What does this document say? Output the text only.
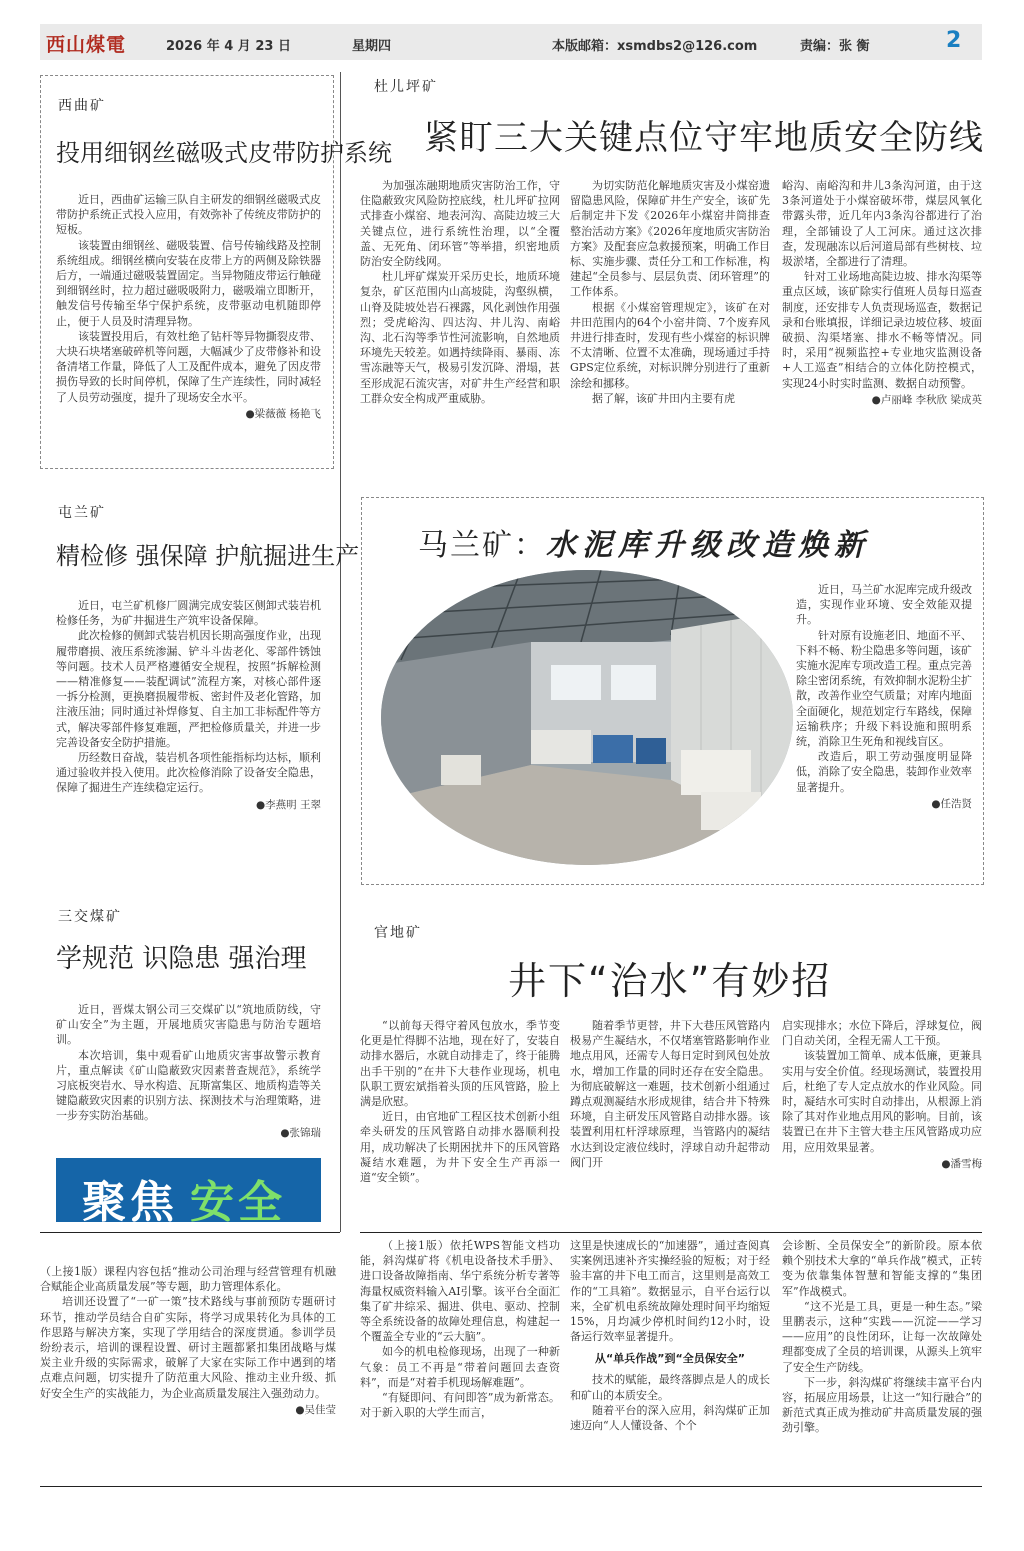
西山煤電	2026 年 4 月 23 日	星期四	本版邮箱：xsmdbs2@126.com	责编：张 衡	2
西曲矿
投用细钢丝磁吸式皮带防护系统

近日，西曲矿运输三队自主研发的细钢丝磁吸式皮带防护系统正式投入应用，有效弥补了传统皮带防护的短板。

该装置由细钢丝、磁吸装置、信号传输线路及控制系统组成。细钢丝横向安装在皮带上方的两侧及除铁器后方，一端通过磁吸装置固定。当异物随皮带运行触碰到细钢丝时，拉力超过磁吸吸附力，磁吸端立即断开，触发信号传输至华宁保护系统，皮带驱动电机随即停止，便于人员及时清理异物。

该装置投用后，有效杜绝了钻杆等异物撕裂皮带、大块石块堵塞破碎机等问题，大幅减少了皮带修补和设备清堵工作量，降低了人工及配件成本，避免了因皮带损伤导致的长时间停机，保障了生产连续性，同时减轻了人员劳动强度，提升了现场安全水平。

●梁薇薇 杨艳飞
屯兰矿
精检修 强保障 护航掘进生产

近日，屯兰矿机修厂圆满完成安装区侧卸式装岩机检修任务，为矿井掘进生产筑牢设备保障。

此次检修的侧卸式装岩机因长期高强度作业，出现履带磨损、液压系统渗漏、铲斗斗齿老化、零部件锈蚀等问题。技术人员严格遵循安全规程，按照“拆解检测——精准修复——装配调试”流程方案，对核心部件逐一拆分检测，更换磨损履带板、密封件及老化管路，加注液压油；同时通过补焊修复、自主加工非标配件等方式，解决零部件修复难题，严把检修质量关，并进一步完善设备安全防护措施。

历经数日奋战，装岩机各项性能指标均达标，顺利通过验收并投入使用。此次检修消除了设备安全隐患，保障了掘进生产连续稳定运行。

●李燕明 王翠
三交煤矿
学规范 识隐患 强治理

近日，晋煤太钢公司三交煤矿以“筑地质防线，守矿山安全”为主题，开展地质灾害隐患与防治专题培训。

本次培训，集中观看矿山地质灾害事故警示教育片，重点解读《矿山隐蔽致灾因素普查规范》，系统学习底板突岩水、导水构造、瓦斯富集区、地质构造等关键隐蔽致灾因素的识别方法、探测技术与治理策略，进一步夯实防治基础。

●张锦瑞
聚焦 安全
杜儿坪矿
紧盯三大关键点位守牢地质安全防线

为加强冻融期地质灾害防治工作，守住隐蔽致灾风险防控底线，杜儿坪矿拉网式排查小煤窑、地表河沟、高陡边坡三大关键点位，进行系统性治理，以“全覆盖、无死角、闭环管”等举措，织密地质防治安全防线网。

杜儿坪矿煤炭开采历史长，地质环境复杂，矿区范围内山高坡陡，沟壑纵横，山脊及陡坡处岩石裸露，风化剥蚀作用强烈；受虎峪沟、四达沟、井儿沟、南峪沟、北石沟等季节性河流影响，自然地质环境先天较差。如遇持续降雨、暴雨、冻雪冻融等天气，极易引发沉降、滑塌，甚至形成泥石流灾害，对矿井生产经营和职工群众安全构成严重威胁。

为切实防范化解地质灾害及小煤窑遗留隐患风险，保障矿井生产安全，该矿先后制定井下发《2026年小煤窑井筒排查整治活动方案》《2026年度地质灾害防治方案》及配套应急救援预案，明确工作目标、实施步骤、责任分工和工作标准，构建起“全员参与、层层负责、闭环管理”的工作体系。

根据《小煤窑管理规定》，该矿在对井田范围内的64个小窑井筒、7个废弃风井进行排查时，发现有些小煤窑的标识牌不太清晰、位置不太准确，现场通过手持GPS定位系统，对标识牌分别进行了重新涂绘和挪移。

据了解，该矿井田内主要有虎

峪沟、南峪沟和井儿3条沟河道，由于这3条河道处于小煤窑破坏带，煤层风氧化带露头带，近几年内3条沟谷都进行了治理，全部铺设了人工河床。通过这次排查，发现融冻以后河道局部有些树枝、垃圾淤堵，全都进行了清理。

针对工业场地高陡边坡、排水沟渠等重点区域，该矿除实行值班人员每日巡查制度，还安排专人负责现场巡查，数据记录和台账填报，详细记录边坡位移、坡面破损、沟渠堵塞、排水不畅等情况。同时，采用“视频监控+专业地灾监测设备+人工巡查”相结合的立体化防控模式，实现24小时实时监测、数据自动预警。

●卢丽峰 李秋欣 梁成英
马兰矿：水泥库升级改造焕新

近日，马兰矿水泥库完成升级改造，实现作业环境、安全效能双提升。

针对原有设施老旧、地面不平、下料不畅、粉尘隐患多等问题，该矿实施水泥库专项改造工程。重点完善除尘密闭系统，有效抑制水泥粉尘扩散，改善作业空气质量；对库内地面全面硬化，规范划定行车路线，保障运输秩序；升级下料设施和照明系统，消除卫生死角和视线盲区。

改造后，职工劳动强度明显降低，消除了安全隐患，装卸作业效率显著提升。

●任浩贤
官地矿
井下“治水”有妙招

“以前每天得守着风包放水，季节变化更是忙得脚不沾地，现在好了，安装自动排水器后，水就自动排走了，终于能腾出手干别的”在井下大巷作业现场，机电队职工贾宏斌指着头顶的压风管路，脸上满是欣慰。

近日，由官地矿工程区技术创新小组牵头研发的压风管路自动排水器顺利投用，成功解决了长期困扰井下的压风管路凝结水难题，为井下安全生产再添一道“安全锁”。

随着季节更替，井下大巷压风管路内极易产生凝结水，不仅堵塞管路影响作业地点用风，还需专人每日定时到风包处放水，增加工作量的同时还存在安全隐患。为彻底破解这一难题，技术创新小组通过蹲点观测凝结水形成规律，结合井下特殊环境，自主研发压风管路自动排水器。该装置利用杠杆浮球原理，当管路内的凝结水达到设定液位线时，浮球自动升起带动阀门开

启实现排水；水位下降后，浮球复位，阀门自动关闭，全程无需人工干预。

该装置加工简单、成本低廉，更兼具实用与安全价值。经现场测试，装置投用后，杜绝了专人定点放水的作业风险。同时，凝结水可实时自动排出，从根源上消除了其对作业地点用风的影响。目前，该装置已在井下主管大巷主压风管路成功应用，应用效果显著。

●潘雪梅

（上接1版）课程内容包括“推动公司治理与经营管理有机融合赋能企业高质量发展”等专题，助力管理体系化。

培训还设置了“一矿一策”技术路线与事前预防专题研讨环节，推动学员结合自矿实际，将学习成果转化为具体的工作思路与解决方案，实现了学用结合的深度贯通。参训学员纷纷表示，培训的课程设置、研讨主题都紧扣集团战略与煤炭主业升级的实际需求，破解了大家在实际工作中遇到的堵点难点问题，切实提升了防范重大风险、推动主业升级、抓好安全生产的实战能力，为企业高质量发展注入强劲动力。

●吴佳莹

（上接1版）依托WPS智能文档功能，斜沟煤矿将《机电设备技术手册》、进口设备故障指南、华宁系统分析专著等海量权威资料输入AI引擎。该平台全面汇集了矿井综采、掘进、供电、驱动、控制等全系统设备的故障处理信息，构建起一个覆盖全专业的“云大脑”。

如今的机电检修现场，出现了一种新气象：员工不再是“带着问题回去查资料”，而是“对着手机现场解难题”。

“有疑即问、有问即答”成为新常态。对于新入职的大学生而言，

这里是快速成长的“加速器”，通过查阅真实案例迅速补齐实操经验的短板；对于经验丰富的井下电工而言，这里则是高效工作的“工具箱”。数据显示，自平台运行以来，全矿机电系统故障处理时间平均缩短15%，月均减少停机时间约12小时，设备运行效率显著提升。

从“单兵作战”到“全员保安全”

技术的赋能，最终落脚点是人的成长和矿山的本质安全。

随着平台的深入应用，斜沟煤矿正加速迈向“人人懂设备、个个

会诊断、全员保安全”的新阶段。原本依赖个别技术大拿的“单兵作战”模式，正转变为依靠集体智慧和智能支撑的“集团军”作战模式。

“这不光是工具，更是一种生态。”梁里鹏表示，这种“实践——沉淀——学习——应用”的良性闭环，让每一次故障处理都变成了全员的培训课，从源头上筑牢了安全生产防线。

下一步，斜沟煤矿将继续丰富平台内容，拓展应用场景，让这一“知行融合”的新范式真正成为推动矿井高质量发展的强劲引擎。
